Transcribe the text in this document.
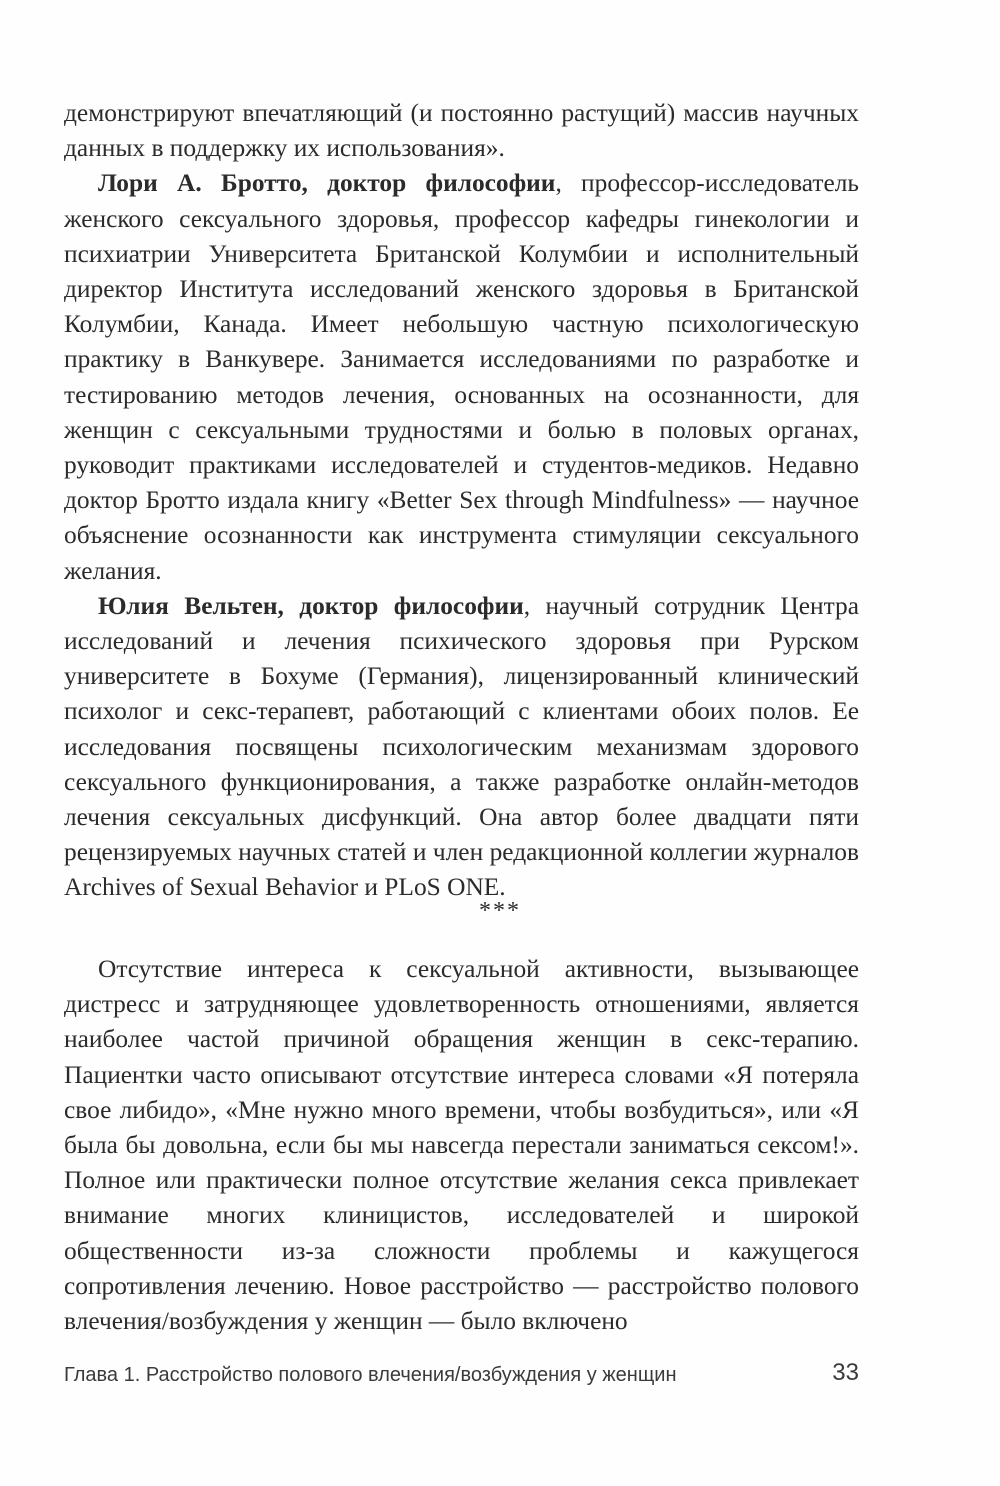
демонстрируют впечатляющий (и постоянно растущий) массив научных данных в поддержку их использования».

Лори А. Бротто, доктор философии, профессор-исследователь женского сексуального здоровья, профессор кафедры гинекологии и психиатрии Университета Британской Колумбии и исполнительный директор Института исследований женского здоровья в Британской Колумбии, Канада. Имеет небольшую частную психологическую практику в Ванкувере. Занимается исследованиями по разработке и тестированию методов лечения, основанных на осознанности, для женщин с сексуальными трудностями и болью в половых органах, руководит практиками исследователей и студентов-медиков. Недавно доктор Бротто издала книгу «Better Sex through Mindfulness» — научное объяснение осознанности как инструмента стимуляции сексуального желания.

Юлия Вельтен, доктор философии, научный сотрудник Центра исследований и лечения психического здоровья при Рурском университете в Бохуме (Германия), лицензированный клинический психолог и секс-терапевт, работающий с клиентами обоих полов. Ее исследования посвящены психологическим механизмам здорового сексуального функционирования, а также разработке онлайн-методов лечения сексуальных дисфункций. Она автор более двадцати пяти рецензируемых научных статей и член редакционной коллегии журналов Archives of Sexual Behavior и PLoS ONE.

***

Отсутствие интереса к сексуальной активности, вызывающее дистресс и затрудняющее удовлетворенность отношениями, является наиболее частой причиной обращения женщин в секс-терапию. Пациентки часто описывают отсутствие интереса словами «Я потеряла свое либидо», «Мне нужно много времени, чтобы возбудиться», или «Я была бы довольна, если бы мы навсегда перестали заниматься сексом!». Полное или практически полное отсутствие желания секса привлекает внимание многих клиницистов, исследователей и широкой общественности из-за сложности проблемы и кажущегося сопротивления лечению. Новое расстройство — расстройство полового влечения/возбуждения у женщин — было включено

Глава 1. Расстройство полового влечения/возбуждения у женщин	33
